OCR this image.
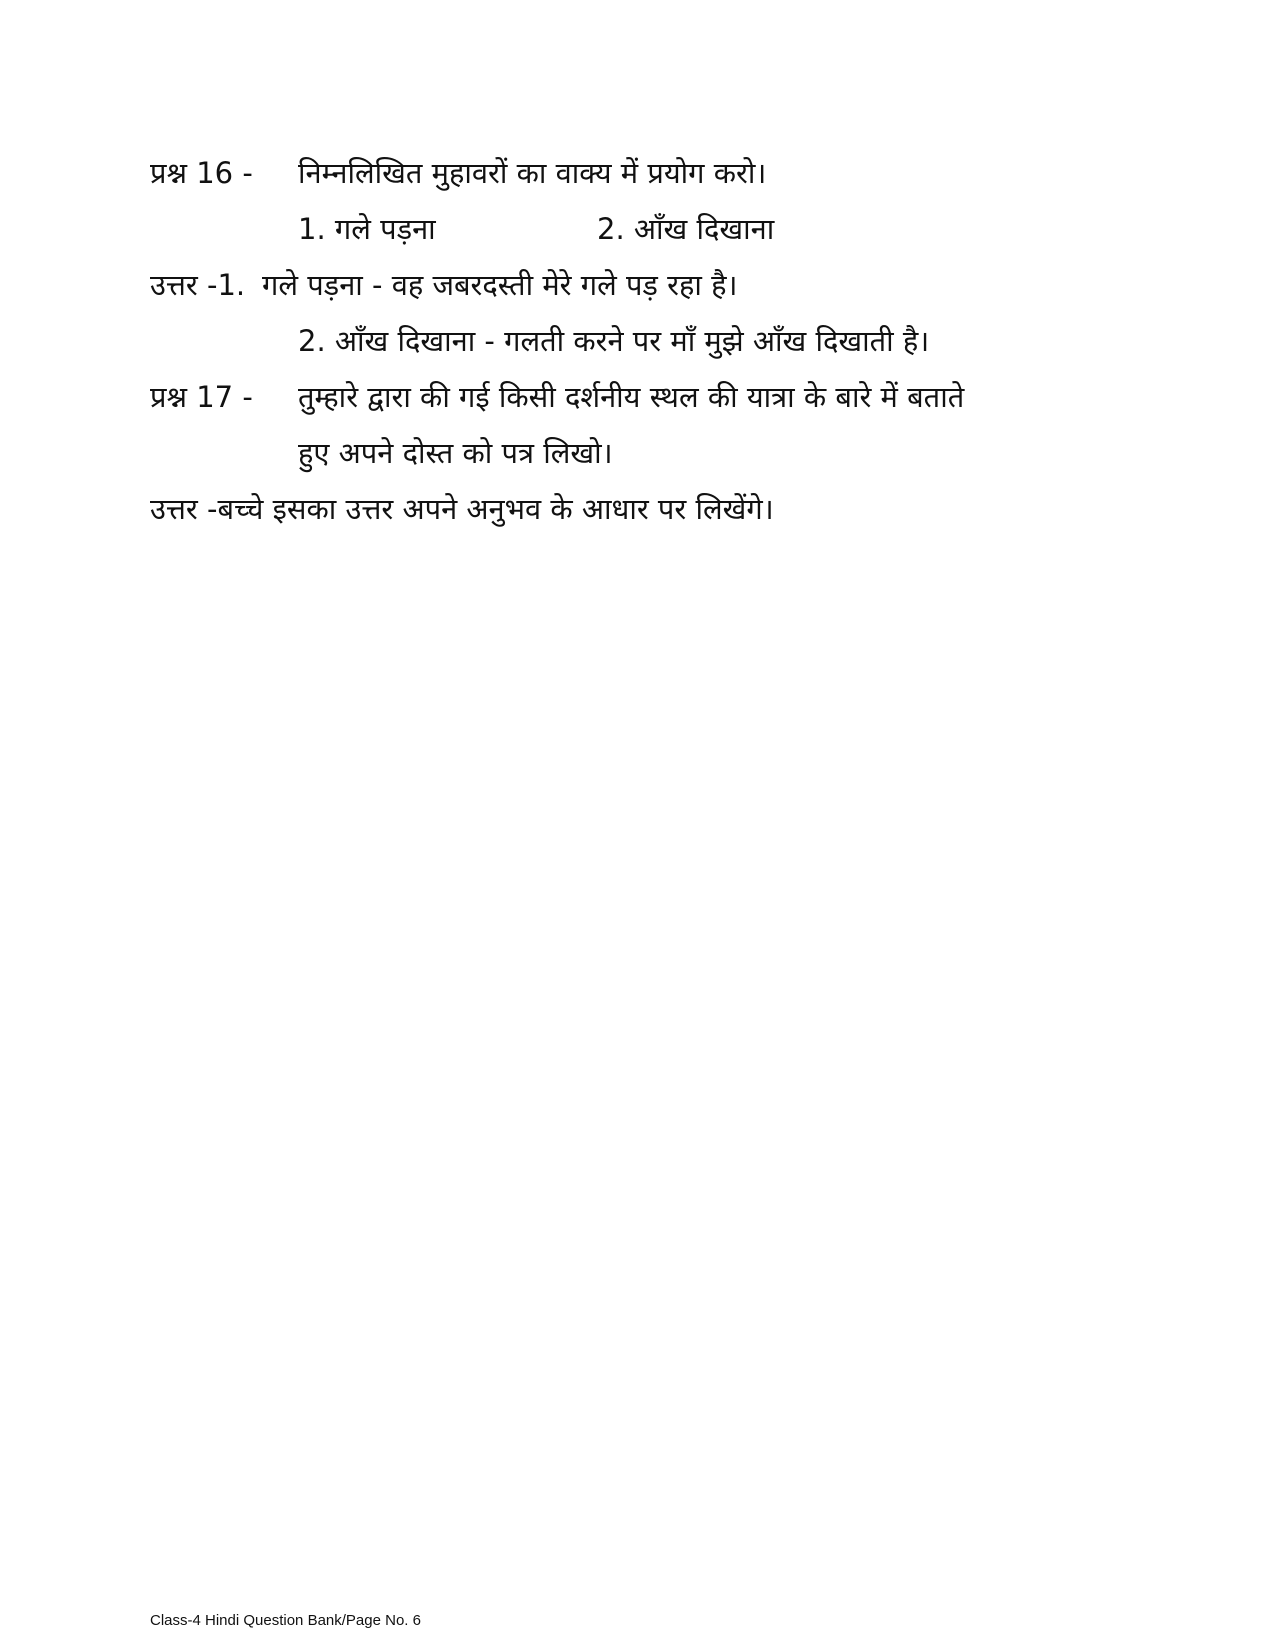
प्रश्न 16 - निम्नलिखित मुहावरों का वाक्य में प्रयोग करो।
1. गले पड़ना	2. आँख दिखाना
उत्तर -1. गले पड़ना - वह जबरदस्ती मेरे गले पड़ रहा है।
2. आँख दिखाना - गलती करने पर माँ मुझे आँख दिखाती है।
प्रश्न 17 - तुम्हारे द्वारा की गई किसी दर्शनीय स्थल की यात्रा के बारे में बताते
हुए अपने दोस्त को पत्र लिखो।
उत्तर -बच्चे इसका उत्तर अपने अनुभव के आधार पर लिखेंगे।
Class-4 Hindi Question Bank/Page No. 6
